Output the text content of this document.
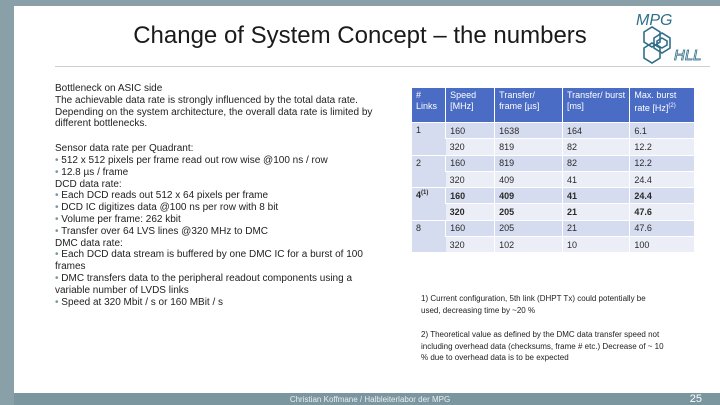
Change of System Concept – the numbers
MPG
HLL

Bottleneck on ASIC side

The achievable data rate is strongly influenced by the total data rate. Depending on the system architecture, the overall data rate is limited by different bottlenecks.

Sensor data rate per Quadrant:

• 512 x 512 pixels per frame read out row wise @100 ns / row

• 12.8 µs / frame

DCD data rate:

• Each DCD reads out 512 x 64 pixels per frame

• DCD IC digitizes data @100 ns per row with 8 bit

• Volume per frame: 262 kbit

• Transfer over 64 LVS lines @320 MHz to DMC

DMC data rate:

• Each DCD data stream is buffered by one DMC IC for a burst of 100 frames

• DMC transfers data to the peripheral readout components using a variable number of LVDS links

• Speed at 320 Mbit / s or 160 MBit / s

# Links	Speed [MHz]	Transfer/ frame [µs]	Transfer/ burst [ms]	Max. burst rate $[Hz]^{(2)}$
1	160	1638	164	6.1
	320	819	82	12.2
2	160	819	82	12.2
	320	409	41	24.4
4$^{(1)}$	160	409	41	24.4
	320	205	21	47.6
8	160	205	21	47.6
	320	102	10	100
1) Current configuration, 5th link (DHPT Tx) could potentially be used, decreasing time by ~20 %
2) Theoretical value as defined by the DMC data transfer speed not including overhead data (checksums, frame # etc.) Decrease of ~ 10 % due to overhead data is to be expected
Christian Koffmane / Halbleiterlabor der MPG	25
